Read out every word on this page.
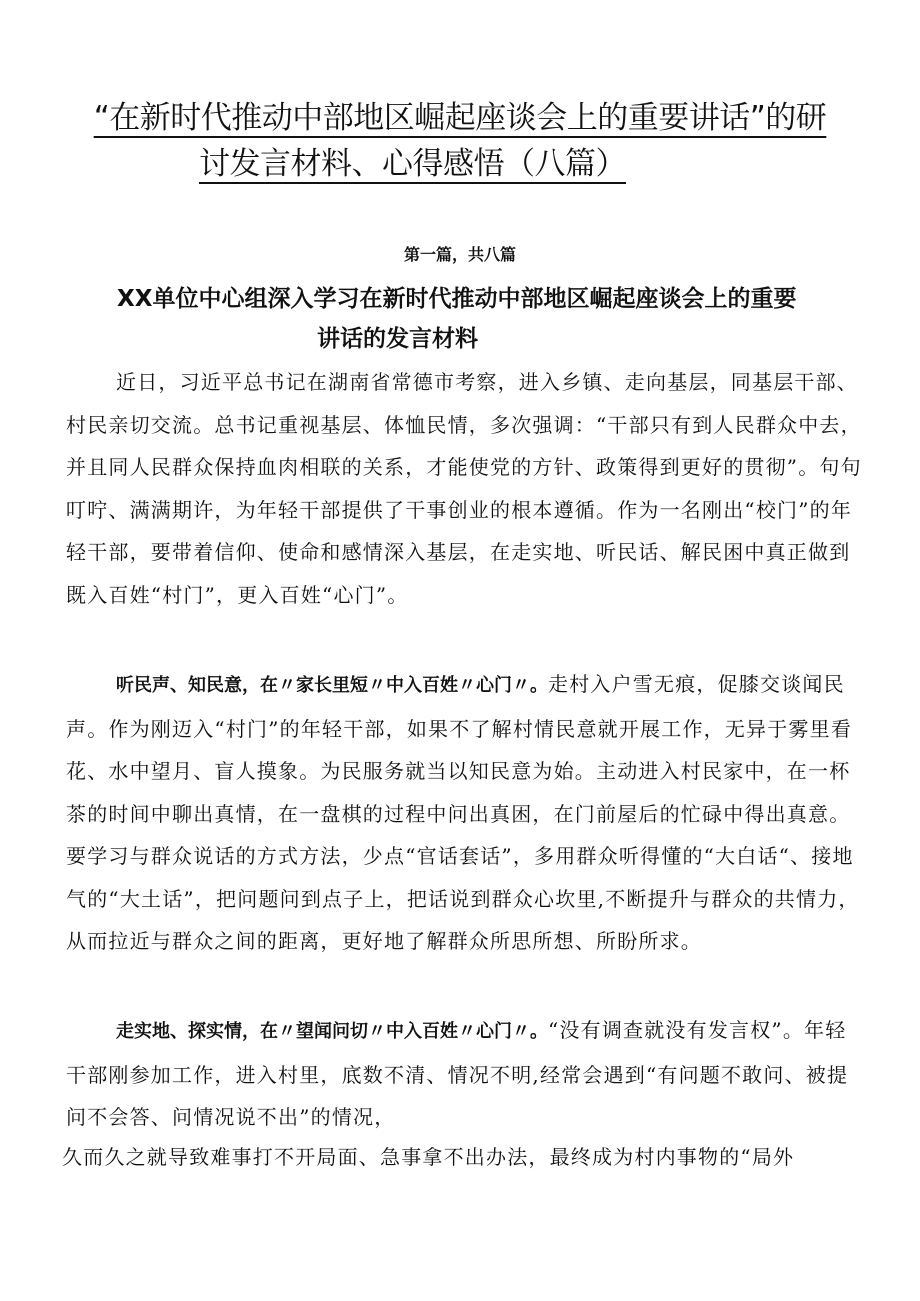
“在新时代推动中部地区崛起座谈会上的重要讲话”的研
讨发言材料、心得感悟（八篇）

第一篇，共八篇

XX单位中心组深入学习在新时代推动中部地区崛起座谈会上的重要
讲话的发言材料

近日，习近平总书记在湖南省常德市考察，进入乡镇、走向基层，同基层干部、村民亲切交流。总书记重视基层、体恤民情，多次强调：“干部只有到人民群众中去，并且同人民群众保持血肉相联的关系，才能使党的方针、政策得到更好的贯彻”。句句叮咛、满满期许，为年轻干部提供了干事创业的根本遵循。作为一名刚出“校门”的年轻干部，要带着信仰、使命和感情深入基层，在走实地、听民话、解民困中真正做到既入百姓“村门”，更入百姓“心门”。

听民声、知民意，在〃家长里短〃中入百姓〃心门〃。走村入户雪无痕，促膝交谈闻民声。作为刚迈入“村门”的年轻干部，如果不了解村情民意就开展工作，无异于雾里看花、水中望月、盲人摸象。为民服务就当以知民意为始。主动进入村民家中，在一杯茶的时间中聊出真情，在一盘棋的过程中问出真困，在门前屋后的忙碌中得出真意。要学习与群众说话的方式方法，少点“官话套话”，多用群众听得懂的“大白话“、接地气的“大土话”，把问题问到点子上，把话说到群众心坎里,不断提升与群众的共情力，从而拉近与群众之间的距离，更好地了解群众所思所想、所盼所求。

走实地、探实情，在〃望闻问切〃中入百姓〃心门〃。“没有调查就没有发言权”。年轻干部刚参加工作，进入村里，底数不清、情况不明,经常会遇到“有问题不敢问、被提问不会答、问情况说不出”的情况，

久而久之就导致难事打不开局面、急事拿不出办法，最终成为村内事物的“局外
